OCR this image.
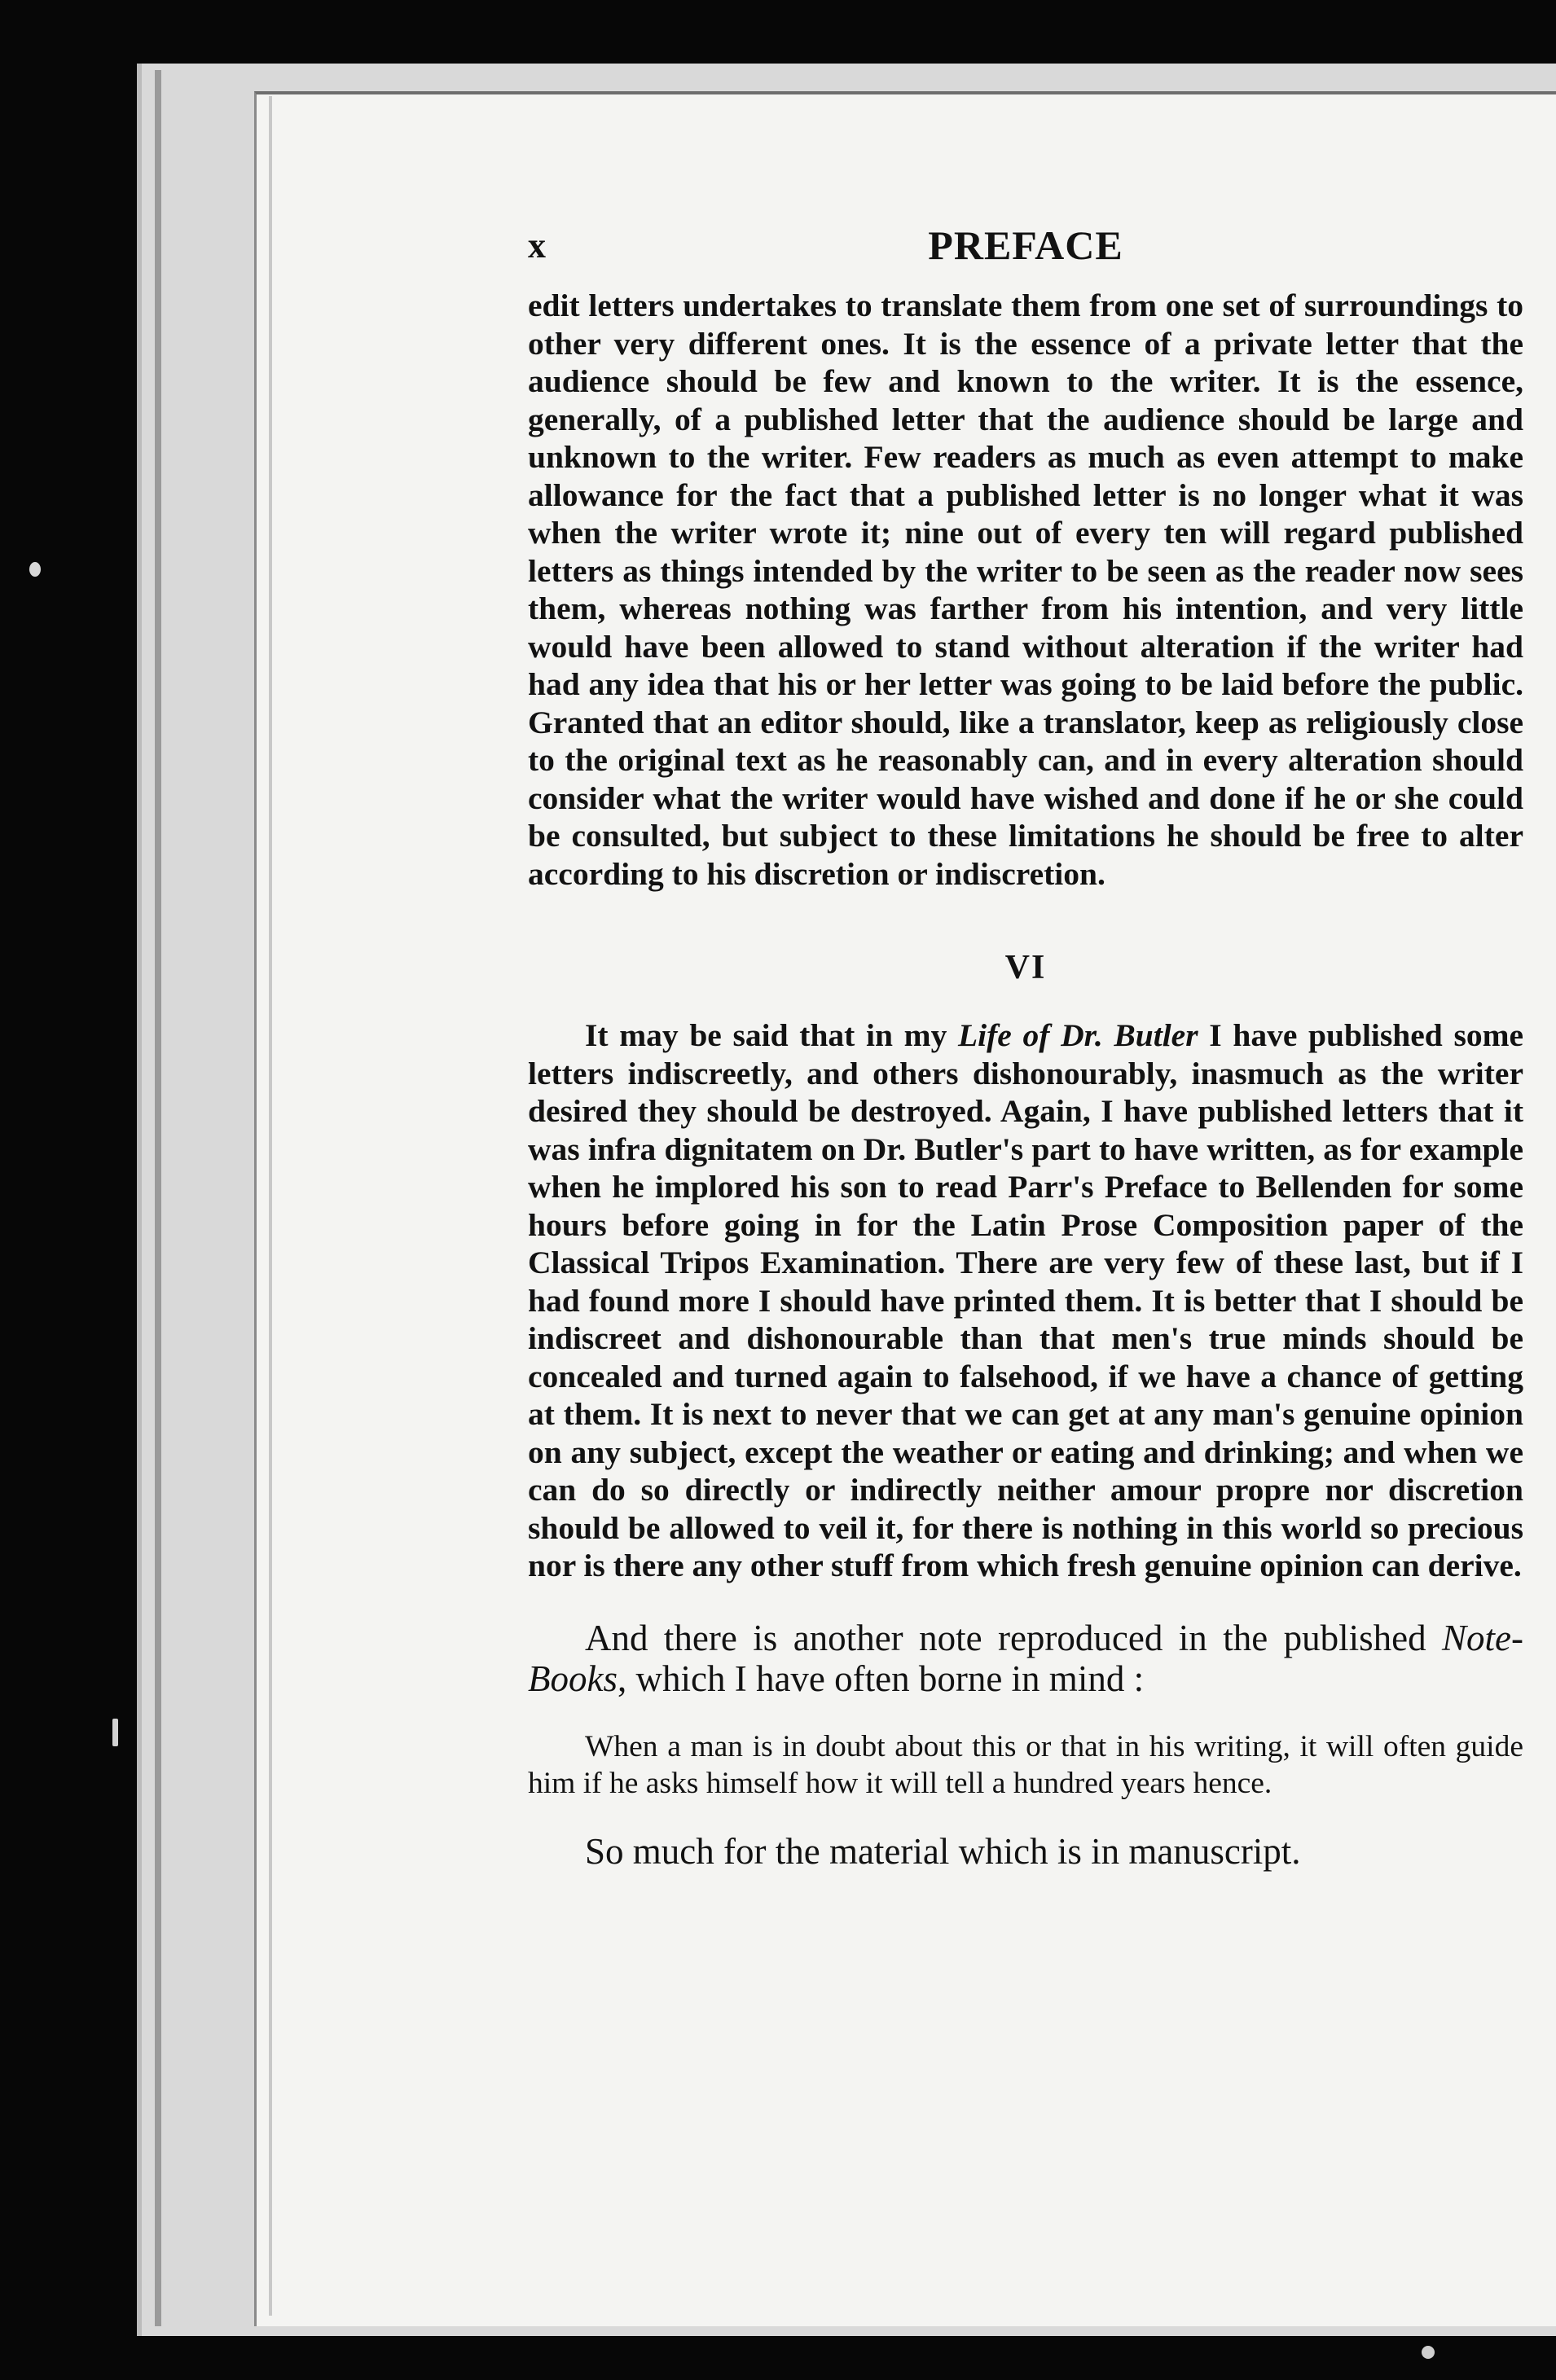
x	PREFACE

edit letters undertakes to translate them from one set of surroundings to other very different ones. It is the essence of a private letter that the audience should be few and known to the writer. It is the essence, generally, of a published letter that the audience should be large and unknown to the writer. Few readers as much as even attempt to make allowance for the fact that a published letter is no longer what it was when the writer wrote it; nine out of every ten will regard published letters as things intended by the writer to be seen as the reader now sees them, whereas nothing was farther from his intention, and very little would have been allowed to stand without alteration if the writer had had any idea that his or her letter was going to be laid before the public. Granted that an editor should, like a translator, keep as religiously close to the original text as he reasonably can, and in every alteration should consider what the writer would have wished and done if he or she could be consulted, but subject to these limitations he should be free to alter according to his discretion or indiscretion.

VI

It may be said that in my Life of Dr. Butler I have published some letters indiscreetly, and others dishonourably, inasmuch as the writer desired they should be destroyed. Again, I have published letters that it was infra dignitatem on Dr. Butler's part to have written, as for example when he implored his son to read Parr's Preface to Bellenden for some hours before going in for the Latin Prose Composition paper of the Classical Tripos Examination. There are very few of these last, but if I had found more I should have printed them. It is better that I should be indiscreet and dishonourable than that men's true minds should be concealed and turned again to falsehood, if we have a chance of getting at them. It is next to never that we can get at any man's genuine opinion on any subject, except the weather or eating and drinking; and when we can do so directly or indirectly neither amour propre nor discretion should be allowed to veil it, for there is nothing in this world so precious nor is there any other stuff from which fresh genuine opinion can derive.

And there is another note reproduced in the published Note-Books, which I have often borne in mind :

When a man is in doubt about this or that in his writing, it will often guide him if he asks himself how it will tell a hundred years hence.

So much for the material which is in manuscript.
